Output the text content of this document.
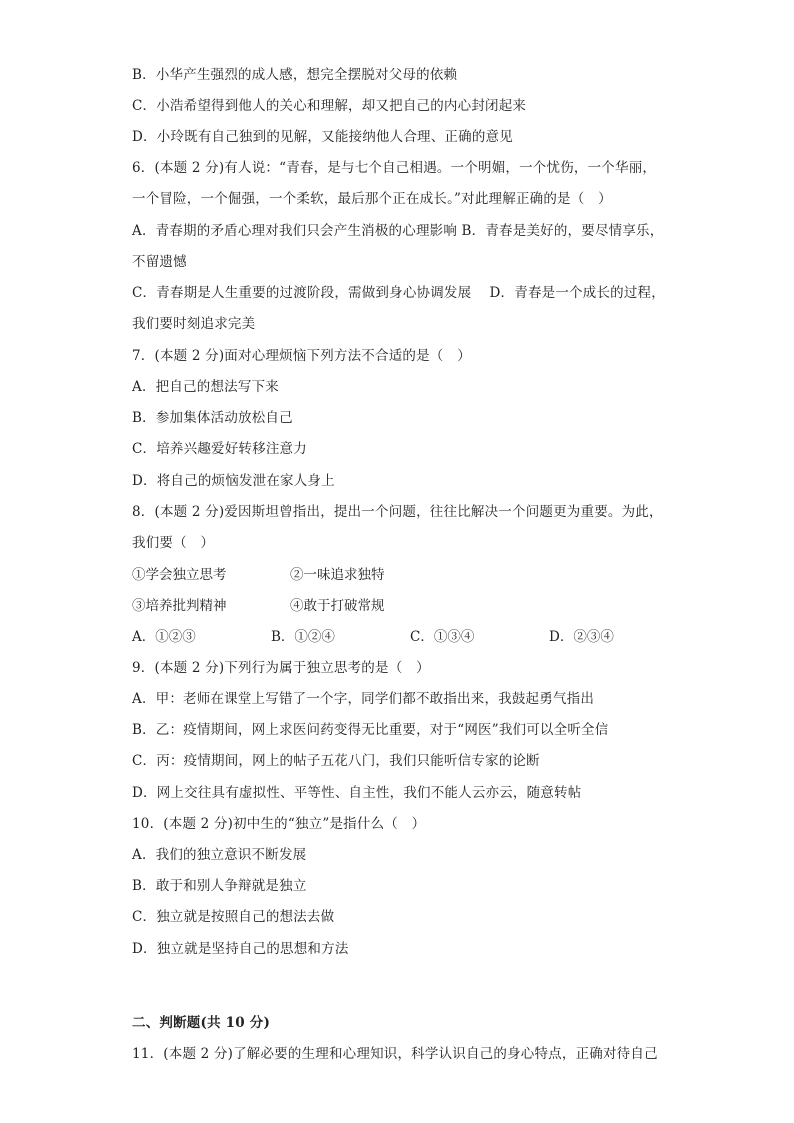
B．小华产生强烈的成人感，想完全摆脱对父母的依赖
C．小浩希望得到他人的关心和理解，却又把自己的内心封闭起来
D．小玲既有自己独到的见解，又能接纳他人合理、正确的意见
6．(本题 2 分)有人说：“青春，是与七个自己相遇。一个明媚，一个忧伤，一个华丽，
一个冒险，一个倔强，一个柔软，最后那个正在成长。”对此理解正确的是（　）
A．青春期的矛盾心理对我们只会产生消极的心理影响 B．青春是美好的，要尽情享乐，
不留遗憾
C．青春期是人生重要的过渡阶段，需做到身心协调发展　 D．青春是一个成长的过程，
我们要时刻追求完美
7．(本题 2 分)面对心理烦恼下列方法不合适的是（　）
A．把自己的想法写下来
B．参加集体活动放松自己
C．培养兴趣爱好转移注意力
D．将自己的烦恼发泄在家人身上
8．(本题 2 分)爱因斯坦曾指出，提出一个问题，往往比解决一个问题更为重要。为此，
我们要（　）
①学会独立思考	②一味追求独特
③培养批判精神	④敢于打破常规
A．①②③	B．①②④	C．①③④	D．②③④
9．(本题 2 分)下列行为属于独立思考的是（　）
A．甲：老师在课堂上写错了一个字，同学们都不敢指出来，我鼓起勇气指出
B．乙：疫情期间，网上求医问药变得无比重要，对于“网医”我们可以全听全信
C．丙：疫情期间，网上的帖子五花八门，我们只能听信专家的论断
D．网上交往具有虚拟性、平等性、自主性，我们不能人云亦云，随意转帖
10．(本题 2 分)初中生的“独立”是指什么（　）
A．我们的独立意识不断发展
B．敢于和别人争辩就是独立
C．独立就是按照自己的想法去做
D．独立就是坚持自己的思想和方法
二、判断题(共 10 分)
11．(本题 2 分)了解必要的生理和心理知识，科学认识自己的身心特点，正确对待自己
